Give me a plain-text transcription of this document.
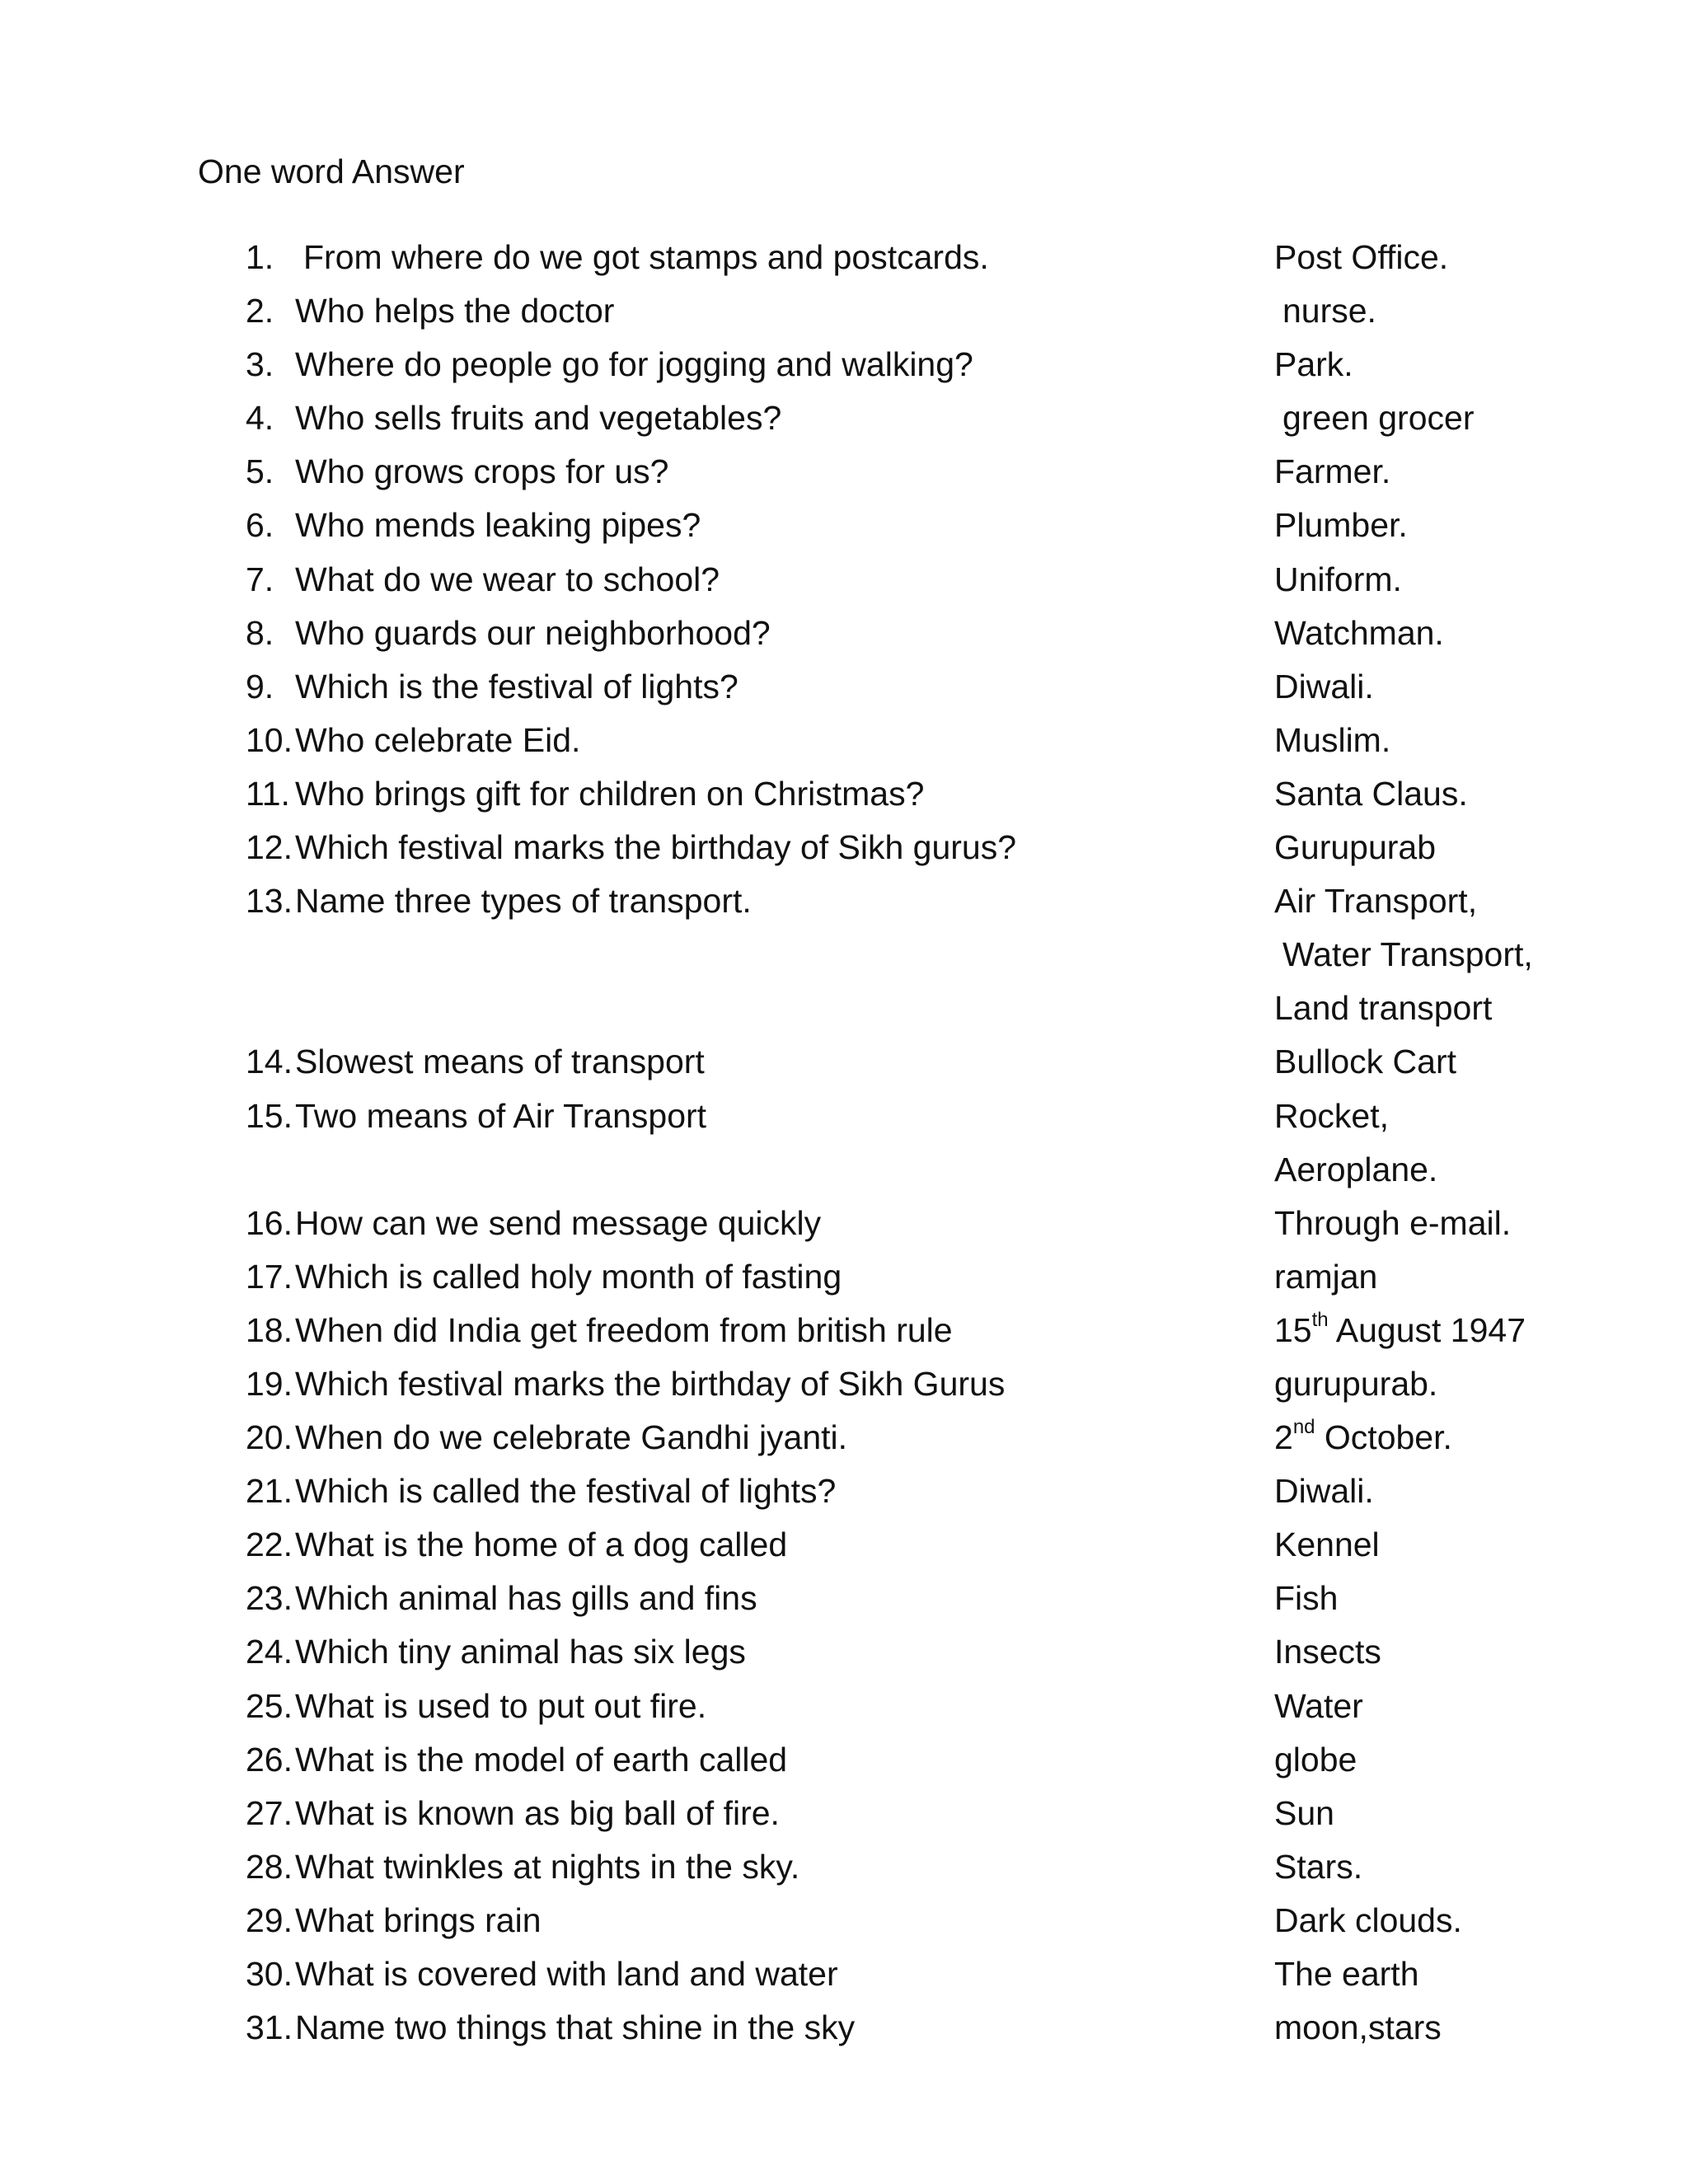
One word Answer
1. From where do we got stamps and postcards.	Post Office.
2. Who helps the doctor	nurse.
3. Where do people go for jogging and walking?	Park.
4. Who sells fruits and vegetables?	green grocer
5. Who grows crops for us?	Farmer.
6. Who mends leaking pipes?	Plumber.
7. What do we wear to school?	Uniform.
8. Who guards our neighborhood?	Watchman.
9. Which is the festival of lights?	Diwali.
10. Who celebrate Eid.	Muslim.
11. Who brings gift for children on Christmas?	Santa Claus.
12. Which festival marks the birthday of Sikh gurus?	Gurupurab
13. Name three types of transport.	Air Transport,
Water Transport,
Land transport
14. Slowest means of transport	Bullock Cart
15. Two means of Air Transport	Rocket,
Aeroplane.
16. How can we send message quickly	Through e-mail.
17. Which is called holy month of fasting	ramjan
18. When did India get freedom from british rule	15th August 1947
19. Which festival marks the birthday of Sikh Gurus	gurupurab.
20. When do we celebrate Gandhi jyanti.	2nd October.
21. Which is called the festival of lights?	Diwali.
22. What is the home of a dog called	Kennel
23. Which animal has gills and fins	Fish
24. Which tiny animal has six legs	Insects
25. What is used to put out fire.	Water
26. What is the model of earth called	globe
27. What is known as big ball of fire.	Sun
28. What twinkles at nights in the sky.	Stars.
29. What brings rain	Dark clouds.
30. What is covered with land and water	The earth
31. Name two things that shine in the sky	moon,stars
